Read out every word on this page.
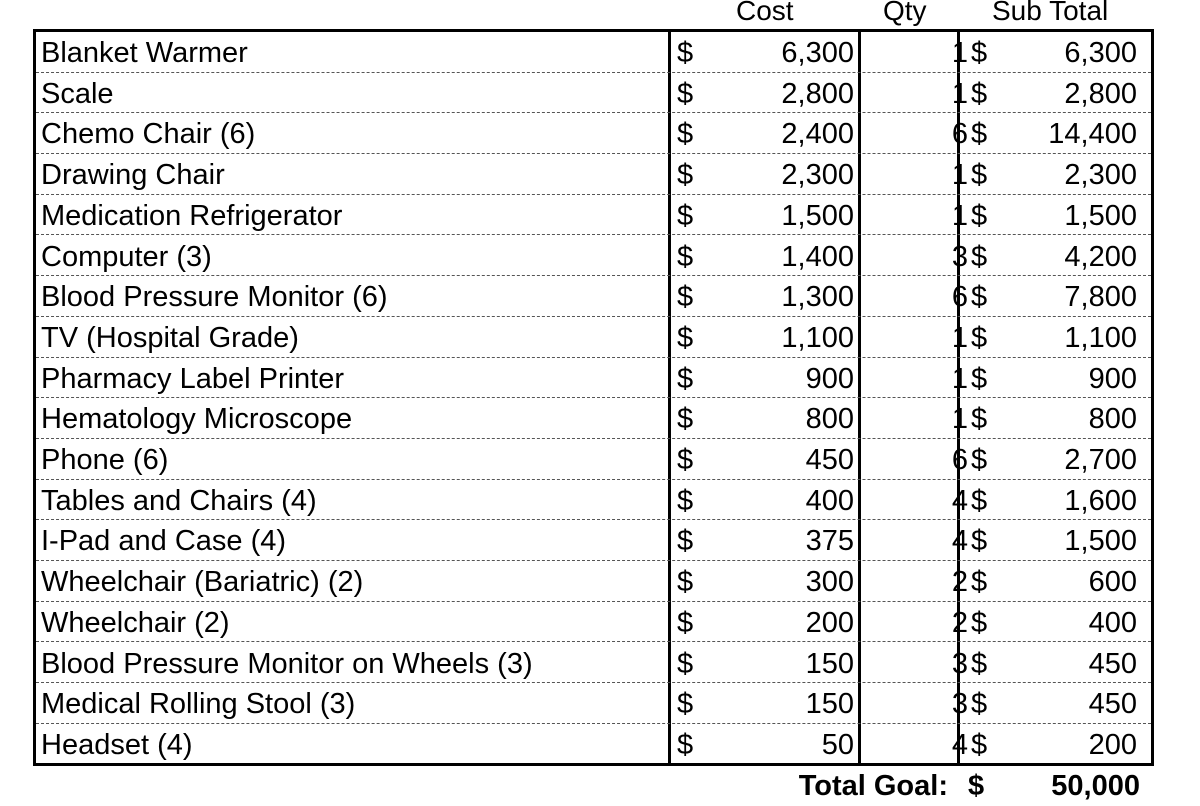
Cost	Qty Sub Total
Blanket Warmer	$	6,300	1 $	6,300
Scale	$	2,800	1 $	2,800
Chemo Chair (6)	$	2,400	6 $ 14,400
Drawing Chair	$	2,300	1 $	2,300
Medication Refrigerator	$	1,500	1 $	1,500
Computer (3)	$	1,400	3 $	4,200
Blood Pressure Monitor (6)	$	1,300	6 $	7,800
TV (Hospital Grade)	$	1,100	1 $	1,100
Pharmacy Label Printer	$	900	1 $	900
Hematology Microscope	$	800	1 $	800
Phone (6)	$	450	6 $	2,700
Tables and Chairs (4)	$	400	4 $	1,600
I-Pad and Case (4)	$	375	4 $	1,500
Wheelchair (Bariatric) (2)	$	300	2 $	600
Wheelchair (2)	$	200	2 $	400
Blood Pressure Monitor on Wheels (3)	$	150	3 $	450
Medical Rolling Stool (3)	$	150	3 $	450
Headset (4)	$	50	4 $	200
Total Goal: $ 50,000
